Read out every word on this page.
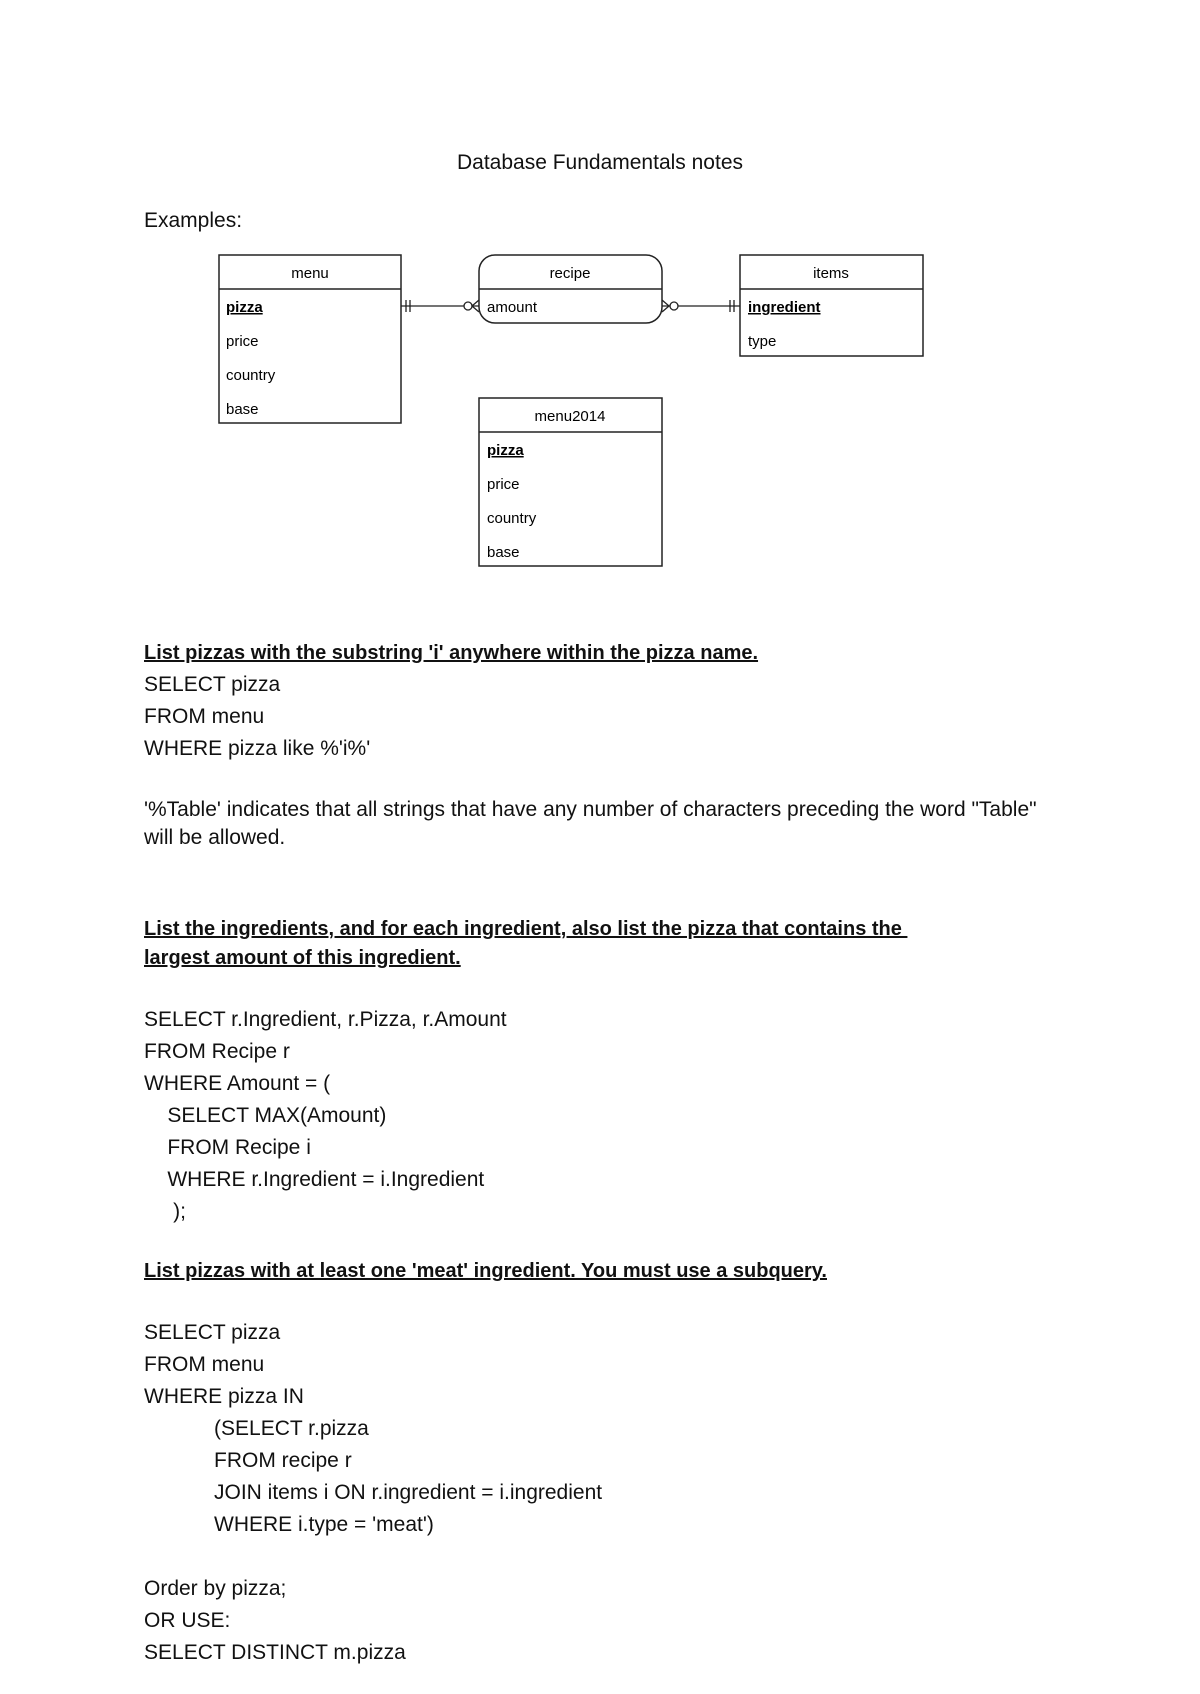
Database Fundamentals notes
Examples:
menu
pizza
price
country
base
recipe
amount
items
ingredient
type
menu2014
pizza
price
country
base
List pizzas with the substring 'i' anywhere within the pizza name.
SELECT pizza
FROM menu
WHERE pizza like %'i%'
'%Table' indicates that all strings that have any number of characters preceding the word "Table" will be allowed.
List the ingredients, and for each ingredient, also list the pizza that contains the
largest amount of this ingredient.
SELECT r.Ingredient, r.Pizza, r.Amount
FROM Recipe r
WHERE Amount = (
SELECT MAX(Amount)
FROM Recipe i
WHERE r.Ingredient = i.Ingredient
);
List pizzas with at least one 'meat' ingredient. You must use a subquery.
SELECT pizza
FROM menu
WHERE pizza IN
(SELECT r.pizza
FROM recipe r
JOIN items i ON r.ingredient = i.ingredient
WHERE i.type = 'meat')
Order by pizza;
OR USE:
SELECT DISTINCT m.pizza
